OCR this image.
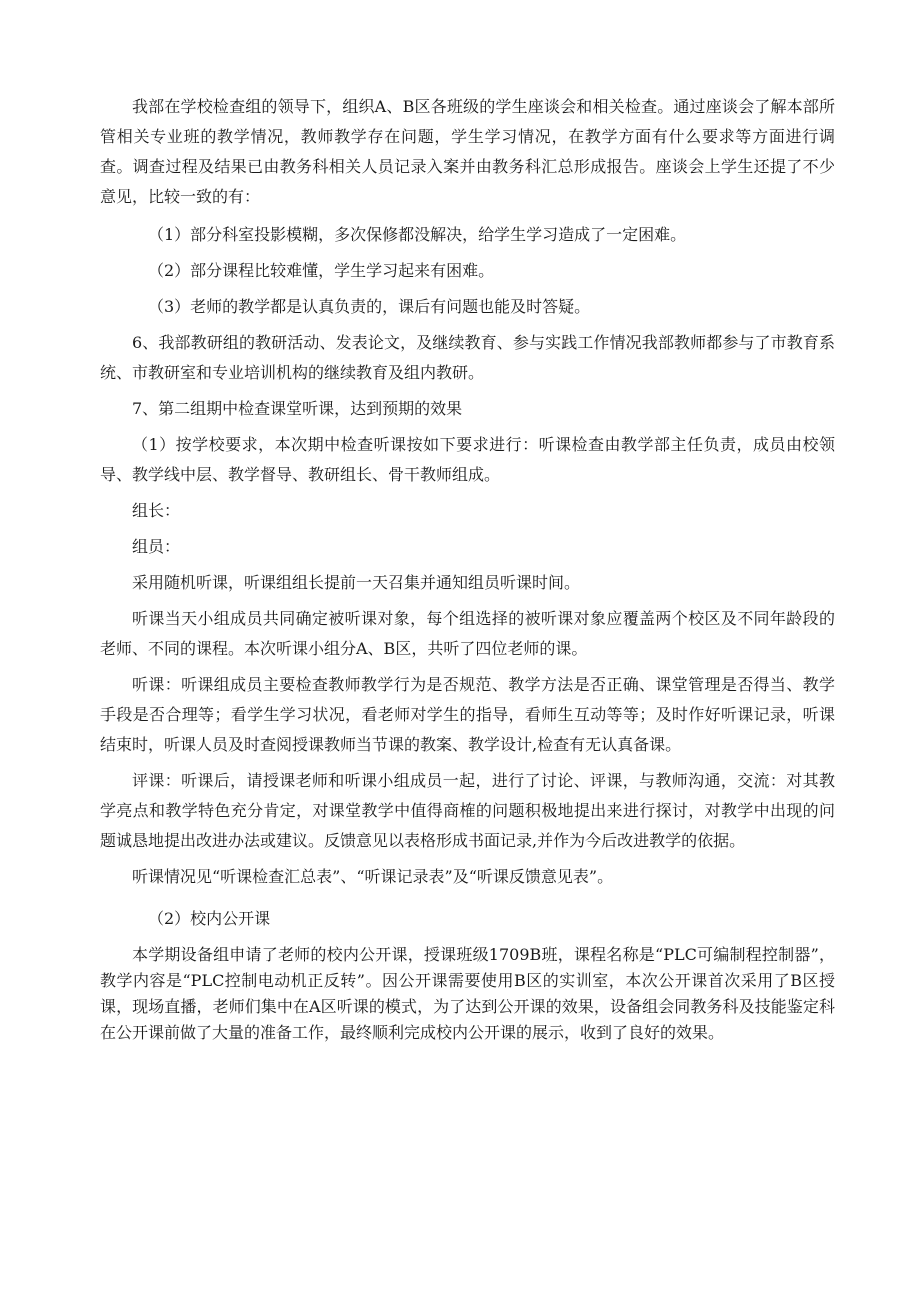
我部在学校检查组的领导下，组织A、B区各班级的学生座谈会和相关检查。通过座谈会了解本部所管相关专业班的教学情况，教师教学存在问题，学生学习情况，在教学方面有什么要求等方面进行调查。调查过程及结果已由教务科相关人员记录入案并由教务科汇总形成报告。座谈会上学生还提了不少意见，比较一致的有：

（1）部分科室投影模糊，多次保修都没解决，给学生学习造成了一定困难。

（2）部分课程比较难懂，学生学习起来有困难。

（3）老师的教学都是认真负责的，课后有问题也能及时答疑。

6、我部教研组的教研活动、发表论文，及继续教育、参与实践工作情况我部教师都参与了市教育系统、市教研室和专业培训机构的继续教育及组内教研。

7、第二组期中检查课堂听课，达到预期的效果

（1）按学校要求，本次期中检查听课按如下要求进行：听课检查由教学部主任负责，成员由校领导、教学线中层、教学督导、教研组长、骨干教师组成。

组长：

组员：

采用随机听课，听课组组长提前一天召集并通知组员听课时间。

听课当天小组成员共同确定被听课对象，每个组选择的被听课对象应覆盖两个校区及不同年龄段的老师、不同的课程。本次听课小组分A、B区，共听了四位老师的课。

听课：听课组成员主要检查教师教学行为是否规范、教学方法是否正确、课堂管理是否得当、教学手段是否合理等；看学生学习状况，看老师对学生的指导，看师生互动等等；及时作好听课记录，听课结束时，听课人员及时查阅授课教师当节课的教案、教学设计,检查有无认真备课。

评课：听课后，请授课老师和听课小组成员一起，进行了讨论、评课，与教师沟通，交流：对其教学亮点和教学特色充分肯定，对课堂教学中值得商榷的问题积极地提出来进行探讨，对教学中出现的问题诚恳地提出改进办法或建议。反馈意见以表格形成书面记录,并作为今后改进教学的依据。

听课情况见“听课检查汇总表”、“听课记录表”及“听课反馈意见表”。

（2）校内公开课

本学期设备组申请了老师的校内公开课，授课班级1709B班，课程名称是“PLC可编制程控制器”，教学内容是“PLC控制电动机正反转”。因公开课需要使用B区的实训室，本次公开课首次采用了B区授课，现场直播，老师们集中在A区听课的模式，为了达到公开课的效果，设备组会同教务科及技能鉴定科在公开课前做了大量的准备工作，最终顺利完成校内公开课的展示，收到了良好的效果。
